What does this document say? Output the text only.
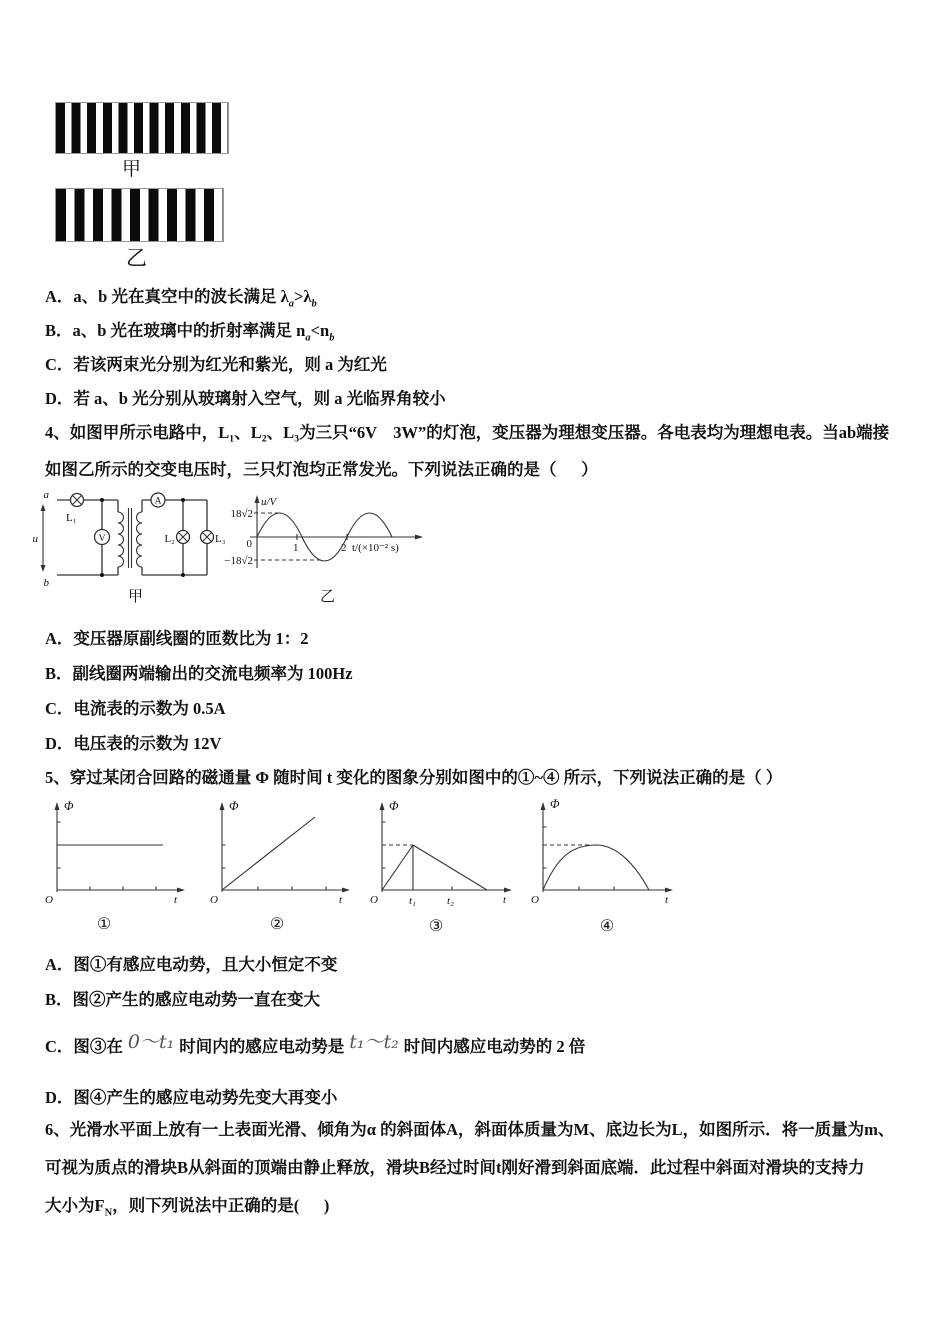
甲
乙
A．a、b 光在真空中的波长满足 $\lambda_a>\lambda_b$
B．a、b 光在玻璃中的折射率满足 $n_a<n_b$
C．若该两束光分别为红光和紫光，则 a 为红光
D．若 a、b 光分别从玻璃射入空气，则 a 光临界角较小
4、如图甲所示电路中，L₁、L₂、L₃为三只“6V　3W”的灯泡，变压器为理想变压器。各电表均为理想电表。当ab端接
如图乙所示的交变电压时，三只灯泡均正常发光。下列说法正确的是（      ）
a
b
u
L₁
V
A
L₂	L₃
甲
u/V
18√2
0
−18√2
1	2 t/(×10⁻² s)
乙
A．变压器原副线圈的匝数比为 1：2
B．副线圈两端输出的交流电频率为 100Hz
C．电流表的示数为 0.5A
D．电压表的示数为 12V
5、穿过某闭合回路的磁通量 Φ 随时间 t 变化的图象分别如图中的①~④ 所示，下列说法正确的是（ ）
Φ
O	t
①
Φ
O	t
②
Φ
O	t
t₁	t₂
③
Φ
O	t
④
A．图①有感应电动势，且大小恒定不变
B．图②产生的感应电动势一直在变大
C．图③在 0～t₁ 时间内的感应电动势是 t₁～t₂ 时间内感应电动势的 2 倍
D．图④产生的感应电动势先变大再变小
6、光滑水平面上放有一上表面光滑、倾角为α 的斜面体A，斜面体质量为M、底边长为L，如图所示．将一质量为m、
可视为质点的滑块B从斜面的顶端由静止释放，滑块B经过时间t刚好滑到斜面底端．此过程中斜面对滑块的支持力
大小为$F_N$，则下列说法中正确的是(      )
